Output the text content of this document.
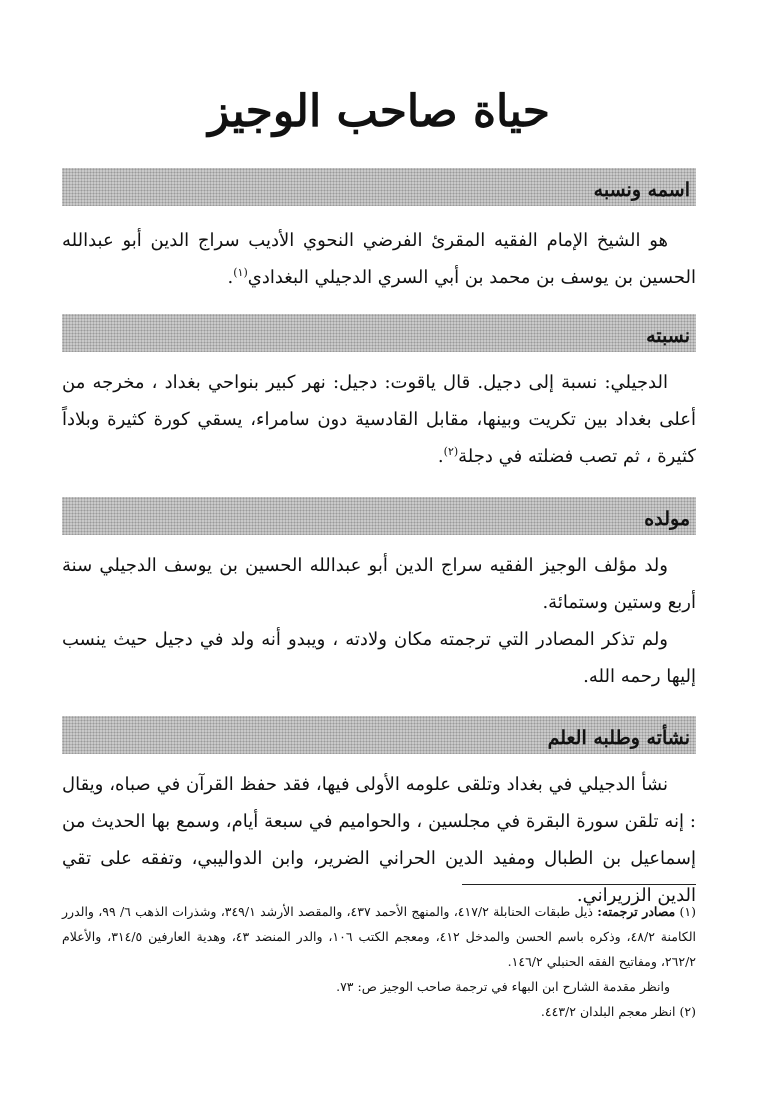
حياة صاحب الوجيز
اسمه ونسبه

هو الشيخ الإمام الفقيه المقرئ الفرضي النحوي الأديب سراج الدين أبو عبدالله الحسين بن يوسف بن محمد بن أبي السري الدجيلي البغدادي$^{(١)}$.

نسبته

الدجيلي: نسبة إلى دجيل. قال ياقوت: دجيل: نهر كبير بنواحي بغداد ، مخرجه من أعلى بغداد بين تكريت وبينها، مقابل القادسية دون سامراء، يسقي كورة كثيرة وبلاداً كثيرة ، ثم تصب فضلته في دجلة$^{(٢)}$.

مولده

ولد مؤلف الوجيز الفقيه سراج الدين أبو عبدالله الحسين بن يوسف الدجيلي سنة أربع وستين وستمائة.

ولم تذكر المصادر التي ترجمته مكان ولادته ، ويبدو أنه ولد في دجيل حيث ينسب إليها رحمه الله.

نشأته وطلبه العلم

نشأ الدجيلي في بغداد وتلقى علومه الأولى فيها، فقد حفظ القرآن في صباه، ويقال : إنه تلقن سورة البقرة في مجلسين ، والحواميم في سبعة أيام، وسمع بها الحديث من إسماعيل بن الطبال ومفيد الدين الحراني الضرير، وابن الدواليبي، وتفقه على تقي الدين الزريراني.

(١) مصادر ترجمته: ذيل طبقات الحنابلة ٤١٧/٢، والمنهج الأحمد ٤٣٧، والمقصد الأرشد ٣٤٩/١، وشذرات الذهب ٦/ ٩٩، والدرر الكامنة ٤٨/٢، وذكره باسم الحسن والمدخل ٤١٢، ومعجم الكتب ١٠٦، والدر المنضد ٤٣، وهدية العارفين ٣١٤/٥، والأعلام ٢٦٢/٢، ومفاتيح الفقه الحنبلي ١٤٦/٢.

وانظر مقدمة الشارح ابن البهاء في ترجمة صاحب الوجيز ص: ٧٣.

(٢) انظر معجم البلدان ٤٤٣/٢.
